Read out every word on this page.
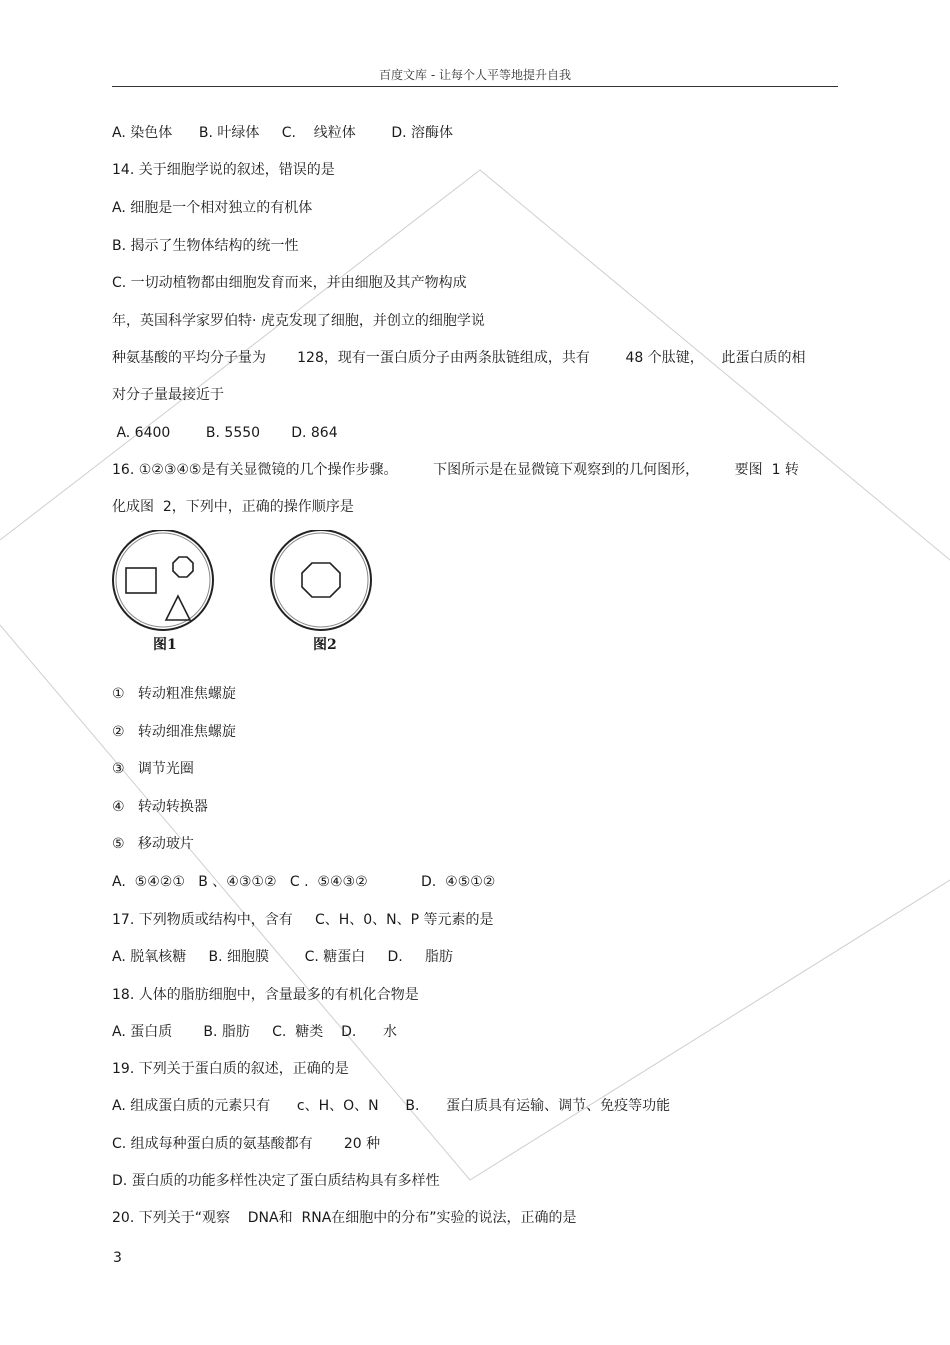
百度文库 - 让每个人平等地提升自我
A. 染色体      B. 叶绿体     C.    线粒体        D. 溶酶体
14. 关于细胞学说的叙述，错误的是
A. 细胞是一个相对独立的有机体
B. 揭示了生物体结构的统一性
C. 一切动植物都由细胞发育而来，并由细胞及其产物构成
年，英国科学家罗伯特· 虎克发现了细胞，并创立的细胞学说
种氨基酸的平均分子量为       128，现有一蛋白质分子由两条肽链组成，共有        48 个肽键，    此蛋白质的相
对分子量最接近于
A. 6400        B. 5550       D. 864
16. ①②③④⑤是有关显微镜的几个操作步骤。        下图所示是在显微镜下观察到的几何图形，        要图  1 转
化成图  2，下列中，正确的操作顺序是
图1	图2
①   转动粗准焦螺旋
②   转动细准焦螺旋
③   调节光圈
④   转动转换器
⑤   移动玻片
A.  ⑤④②①   B 、④③①②   C .  ⑤④③②            D.  ④⑤①②
17. 下列物质或结构中，含有     C、H、0、N、P 等元素的是
A. 脱氧核糖     B. 细胞膜        C. 糖蛋白     D.     脂肪
18. 人体的脂肪细胞中，含量最多的有机化合物是
A. 蛋白质       B. 脂肪     C.  糖类    D.      水
19. 下列关于蛋白质的叙述，正确的是
A. 组成蛋白质的元素只有      c、H、O、N      B.      蛋白质具有运输、调节、免疫等功能
C. 组成每种蛋白质的氨基酸都有       20 种
D. 蛋白质的功能多样性决定了蛋白质结构具有多样性
20. 下列关于“观察    DNA和  RNA在细胞中的分布”实验的说法，正确的是
3
